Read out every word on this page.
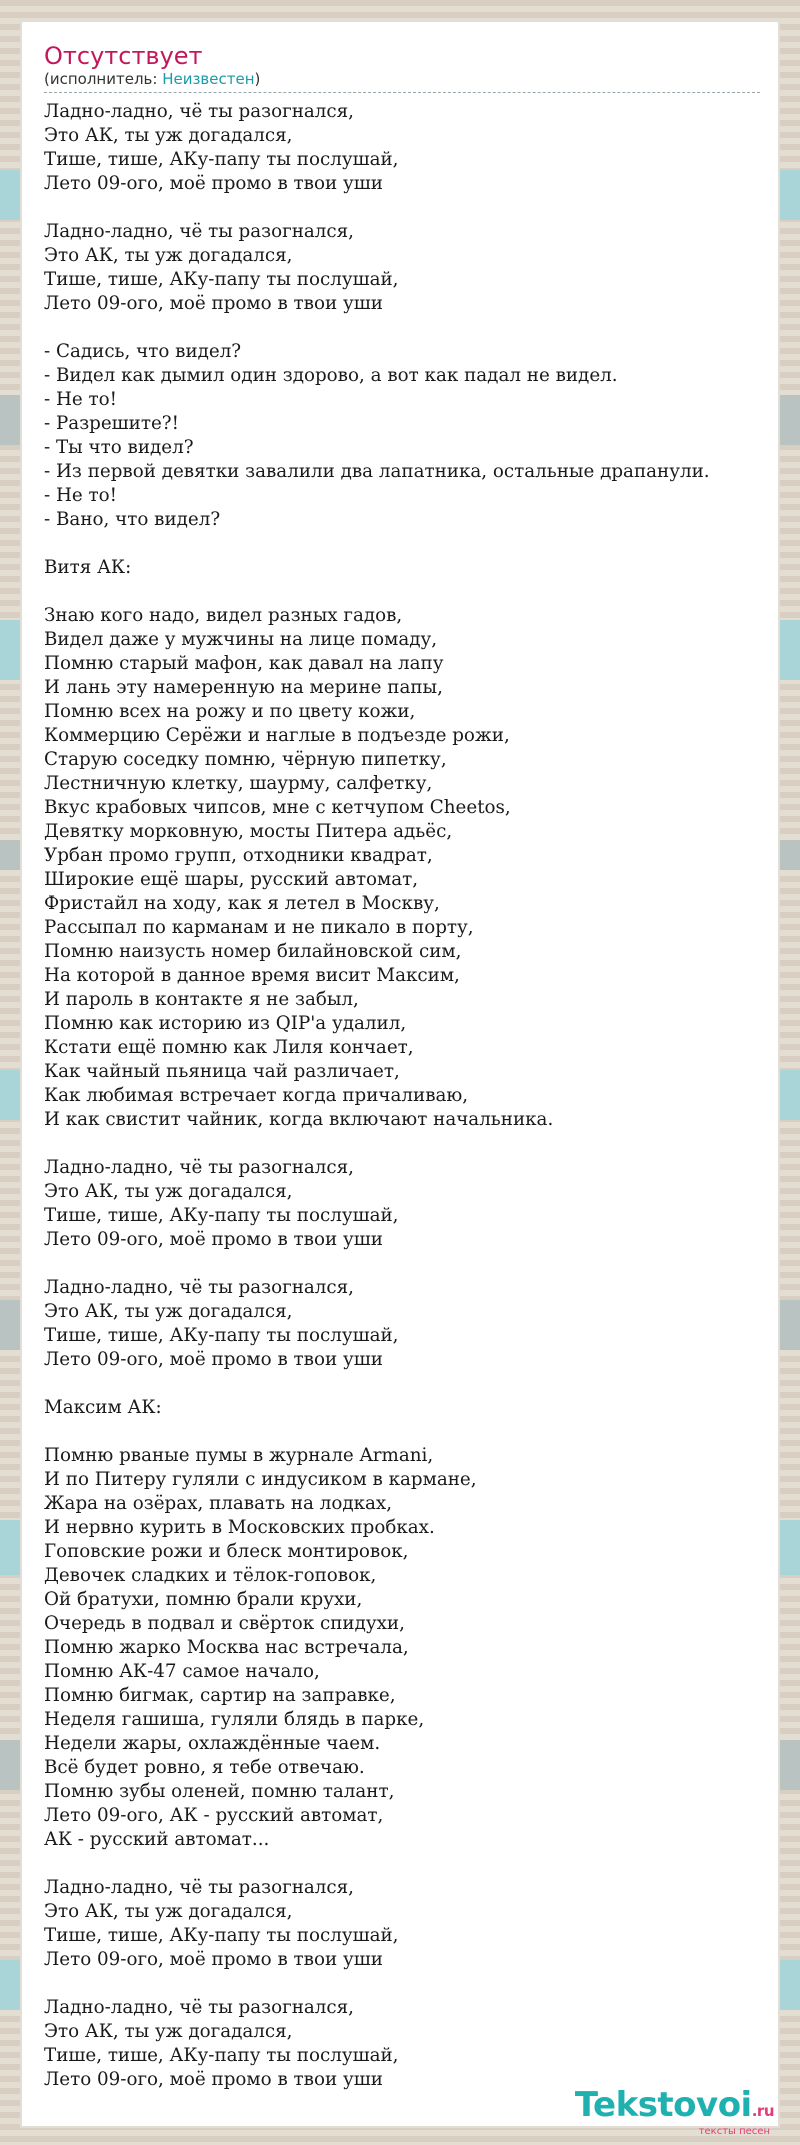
Отсутствует
(исполнитель: Неизвестен)
Ладно-ладно, чё ты разогнался,
Это АК, ты уж догадался,
Тише, тише, АКу-папу ты послушай,
Лето 09-ого, моё промо в твои уши
Ладно-ладно, чё ты разогнался,
Это АК, ты уж догадался,
Тише, тише, АКу-папу ты послушай,
Лето 09-ого, моё промо в твои уши
- Садись, что видел?
- Видел как дымил один здорово, а вот как падал не видел.
- Не то!
- Разрешите?!
- Ты что видел?
- Из первой девятки завалили два лапатника, остальные драпанули.
- Не то!
- Вано, что видел?
Витя АК:
Знаю кого надо, видел разных гадов,
Видел даже у мужчины на лице помаду,
Помню старый мафон, как давал на лапу
И лань эту намеренную на мерине папы,
Помню всех на рожу и по цвету кожи,
Коммерцию Серёжи и наглые в подъезде рожи,
Старую соседку помню, чёрную пипетку,
Лестничную клетку, шаурму, салфетку,
Вкус крабовых чипсов, мне с кетчупом Cheetos,
Девятку морковную, мосты Питера адьёс,
Урбан промо групп, отходники квадрат,
Широкие ещё шары, русский автомат,
Фристайл на ходу, как я летел в Москву,
Рассыпал по карманам и не пикало в порту,
Помню наизусть номер билайновской сим,
На которой в данное время висит Максим,
И пароль в контакте я не забыл,
Помню как историю из QIP'а удалил,
Кстати ещё помню как Лиля кончает,
Как чайный пьяница чай различает,
Как любимая встречает когда причаливаю,
И как свистит чайник, когда включают начальника.
Ладно-ладно, чё ты разогнался,
Это АК, ты уж догадался,
Тише, тише, АКу-папу ты послушай,
Лето 09-ого, моё промо в твои уши
Ладно-ладно, чё ты разогнался,
Это АК, ты уж догадался,
Тише, тише, АКу-папу ты послушай,
Лето 09-ого, моё промо в твои уши
Максим АК:
Помню рваные пумы в журнале Armani,
И по Питеру гуляли с индусиком в кармане,
Жара на озёрах, плавать на лодках,
И нервно курить в Московских пробках.
Гоповские рожи и блеск монтировок,
Девочек сладких и тёлок-гоповок,
Ой братухи, помню брали крухи,
Очередь в подвал и свёрток спидухи,
Помню жарко Москва нас встречала,
Помню АК-47 самое начало,
Помню бигмак, сартир на заправке,
Неделя гашиша, гуляли блядь в парке,
Недели жары, охлаждённые чаем.
Всё будет ровно, я тебе отвечаю.
Помню зубы оленей, помню талант,
Лето 09-ого, АК - русский автомат,
АК - русский автомат...
Ладно-ладно, чё ты разогнался,
Это АК, ты уж догадался,
Тише, тише, АКу-папу ты послушай,
Лето 09-ого, моё промо в твои уши
Ладно-ладно, чё ты разогнался,
Это АК, ты уж догадался,
Тише, тише, АКу-папу ты послушай,
Лето 09-ого, моё промо в твои уши
Tekstovoi.ru
тексты песен
